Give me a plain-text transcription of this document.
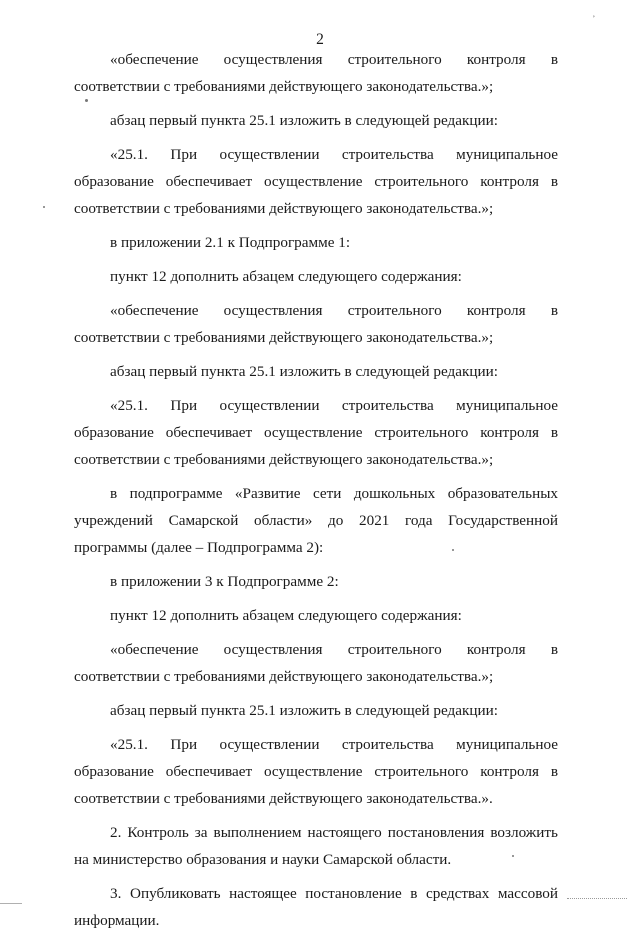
2
᾿

«обеспечение осуществления строительного контроля в соответствии с требованиями действующего законодательства.»;

абзац первый пункта 25.1 изложить в следующей редакции:

«25.1. При осуществлении строительства муниципальное образование обеспечивает осуществление строительного контроля в соответствии с требованиями действующего законодательства.»;

в приложении 2.1 к Подпрограмме 1:

пункт 12 дополнить абзацем следующего содержания:

«обеспечение осуществления строительного контроля в соответствии с требованиями действующего законодательства.»;

абзац первый пункта 25.1 изложить в следующей редакции:

«25.1. При осуществлении строительства муниципальное образование обеспечивает осуществление строительного контроля в соответствии с требованиями действующего законодательства.»;

в подпрограмме «Развитие сети дошкольных образовательных учреждений Самарской области» до 2021 года Государственной программы (далее – Подпрограмма 2):

в приложении 3 к Подпрограмме 2:

пункт 12 дополнить абзацем следующего содержания:

«обеспечение осуществления строительного контроля в соответствии с требованиями действующего законодательства.»;

абзац первый пункта 25.1 изложить в следующей редакции:

«25.1. При осуществлении строительства муниципальное образование обеспечивает осуществление строительного контроля в соответствии с требованиями действующего законодательства.».

2. Контроль за выполнением настоящего постановления возложить на министерство образования и науки Самарской области.

3. Опубликовать настоящее постановление в средствах массовой информации.
